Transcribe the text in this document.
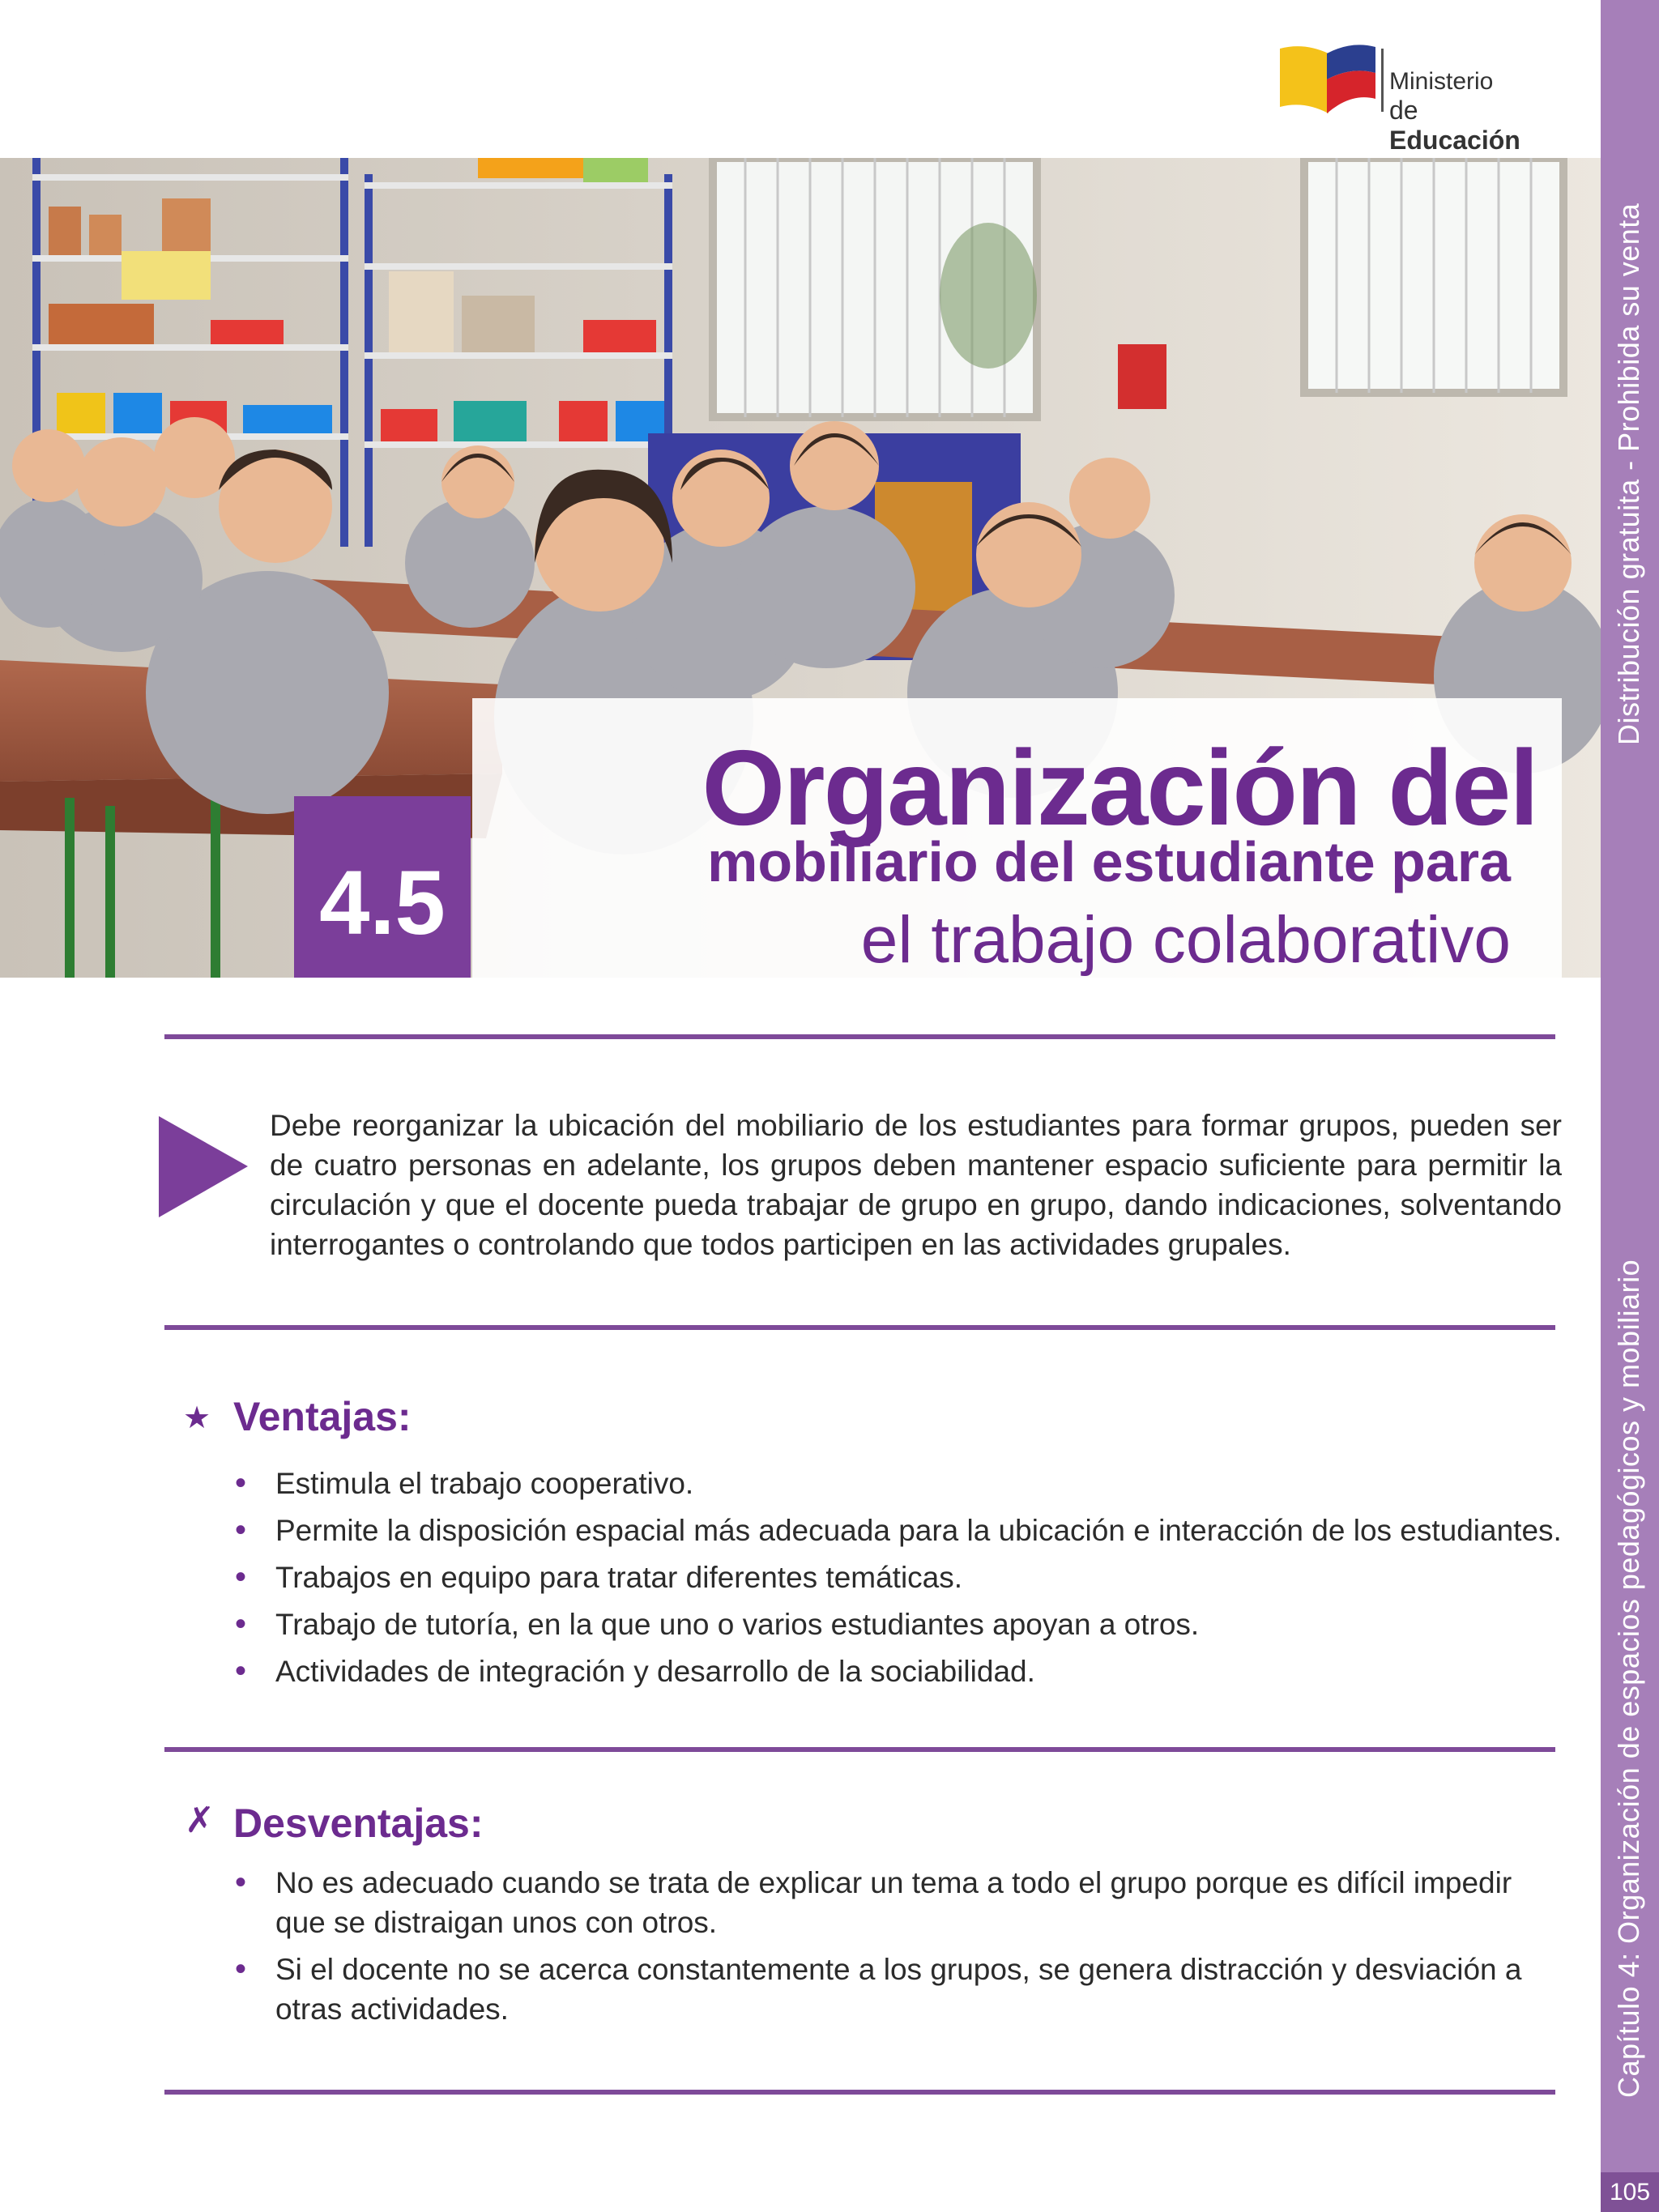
Ministerio
de Educación
4.5
Organización del
mobiliario del estudiante para
el trabajo colaborativo
Debe reorganizar la ubicación del mobiliario de los estudiantes para formar grupos, pueden ser de cuatro personas en adelante, los grupos deben mantener espacio suficiente para permitir la circulación y que el docente pueda trabajar de grupo en grupo, dando indicaciones, solventando interrogantes o controlando que todos participen en las actividades grupales.
★ Ventajas:
• Estimula el trabajo cooperativo.
• Permite la disposición espacial más adecuada para la ubicación e interacción de los estudiantes.
• Trabajos en equipo para tratar diferentes temáticas.
• Trabajo de tutoría, en la que uno o varios estudiantes apoyan a otros.
• Actividades de integración y desarrollo de la sociabilidad.
✗ Desventajas:
• No es adecuado cuando se trata de explicar un tema a todo el grupo porque es difícil impedir que se distraigan unos con otros.
• Si el docente no se acerca constantemente a los grupos, se genera distracción y desviación a otras actividades.
Distribución gratuita - Prohibida su venta
Capítulo 4: Organización de espacios pedagógicos y mobiliario
105
